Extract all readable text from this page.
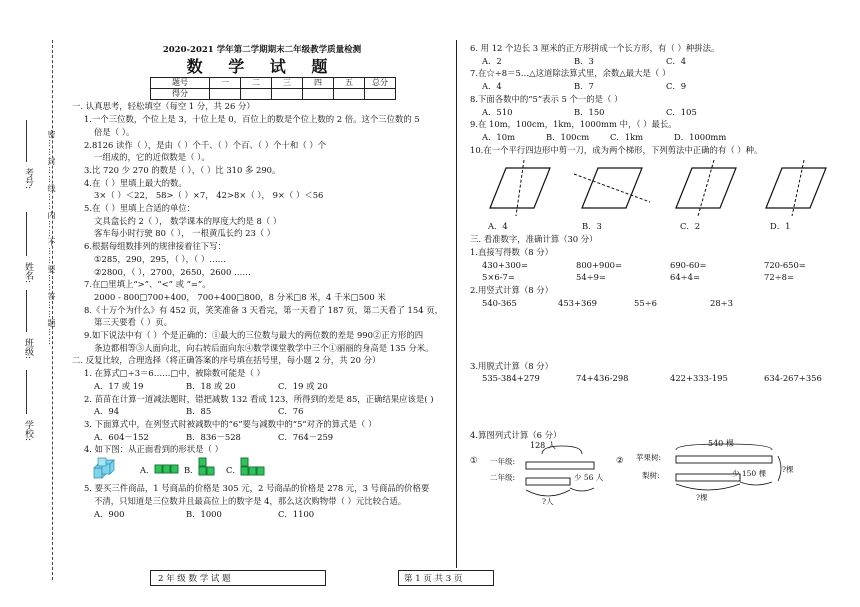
密……封……线……内……不……要……答……题……
考号:
姓名:
班级:
学校:
2020-2021 学年第二学期期末二年级教学质量检测
数 学 试 题
题号	一	二	三	四	五	总分
得分						
一. 认真思考，轻松填空（每空 1 分，共 26 分）
1.一个三位数，个位上是 3，十位上是 0，百位上的数是个位上数的 2 倍。这个三位数的 5
倍是（ ）。
2.8126 读作（ ），是由（ ）个千、（ ）个百、（ ）个十和（ ）个
一组成的，它的近似数是（ ）。
3.比 720 少 270 的数是（ ），（ ）比 310 多 290。
4.在（ ）里填上最大的数。
3×（ ）＜22， 58>（ ）×7， 42>8×（ ）， 9×（ ）＜56
5.在（ ）里填上合适的单位：
文具盒长约 2（ ）， 数学课本的厚度大约是 8（ ）
客车每小时行驶 80（ ）， 一根黄瓜长约 23（ ）
6.根据每组数排列的规律接着往下写：
①285，290，295，（ ），（ ）……
②2800，（ ），2700，2650，2600 ……
7.在□里填上“>”、“<” 或 “=”。
2000 - 800□700+400， 700+400□800，8 分米□8 米，4 千米□500 米
8.《十万个为什么》有 452 页，笑笑准备 3 天看完，第一天看了 187 页，第二天看了 154 页，
第三天要看（ ）页。
9.如下说法中有（ ）个是正确的：①最大的三位数与最大的两位数的差是 990②正方形的四
条边都相等③人面向北，向右转后面向东④数学课堂教学中三个①丽丽的身高是 135 分米。
二. 反复比较，合理选择（将正确答案的序号填在括号里，每小题 2 分，共 20 分）
1. 在算式□÷3＝6……□中，被除数可能是（ ）
A．17 或 19	B．18 或 20	C．19 或 20
2. 苗苗在计算一道减法题时，错把减数 132 看成 123，所得到的差是 85，正确结果应该是( )
A．94	B．85	C．76
3. 下面算式中，在列竖式时被减数中的“6”要与减数中的“5”对齐的算式是（ ）
A．604－152	B．836－528	C．764－259
4. 如下图：从正面看到的形状是（ ）
A．	B．	C．
5. 要买三件商品，1 号商品的价格是 305 元，2 号商品的价格是 278 元，3 号商品的价格要
不清，只知道是三位数并且最高位上的数字是 4，那么这次购物带（ ）元比较合适。
A．900	B．1000	C．1100
6. 用 12 个边长 3 厘米的正方形拼成一个长方形，有（ ）种拼法。
A．2	B．3	C．4
7.在☆÷8＝5…△这道除法算式里，余数△最大是（ ）
A．4	B．7	C．9
8.下面各数中的“5”表示 5 个一的是（ ）
A．510	B．150	C．105
9.在 10m，100cm，1km，1000mm 中，（ ）最长。
A．10m	B．100cm C．1km	D．1000mm
10.在一个平行四边形中剪一刀，成为两个梯形，下列剪法中正确的有（ ）种。
A．4	B．3	C．2	D．1
三. 看准数字，准确计算（30 分）
1.直接写得数（8 分）
430+300=	800+900=	690-60=	720-650=
5×6-7=	54÷9=	64÷4=	72÷8=
2.用竖式计算（8 分）
540-365	453+369	55÷6	28÷3
3.用脱式计算（8 分）
535-384+279	74+436-298	422+333-195	634-267+356
4.算图列式计算（6 分）
①
128 人
一年级:
二年级:	少 56 人
?人
②
540 棵
苹果树:
梨树:	少 150 棵 ?棵
?棵
2 年 级 数 学 试 题	第 1 页 共 3 页
